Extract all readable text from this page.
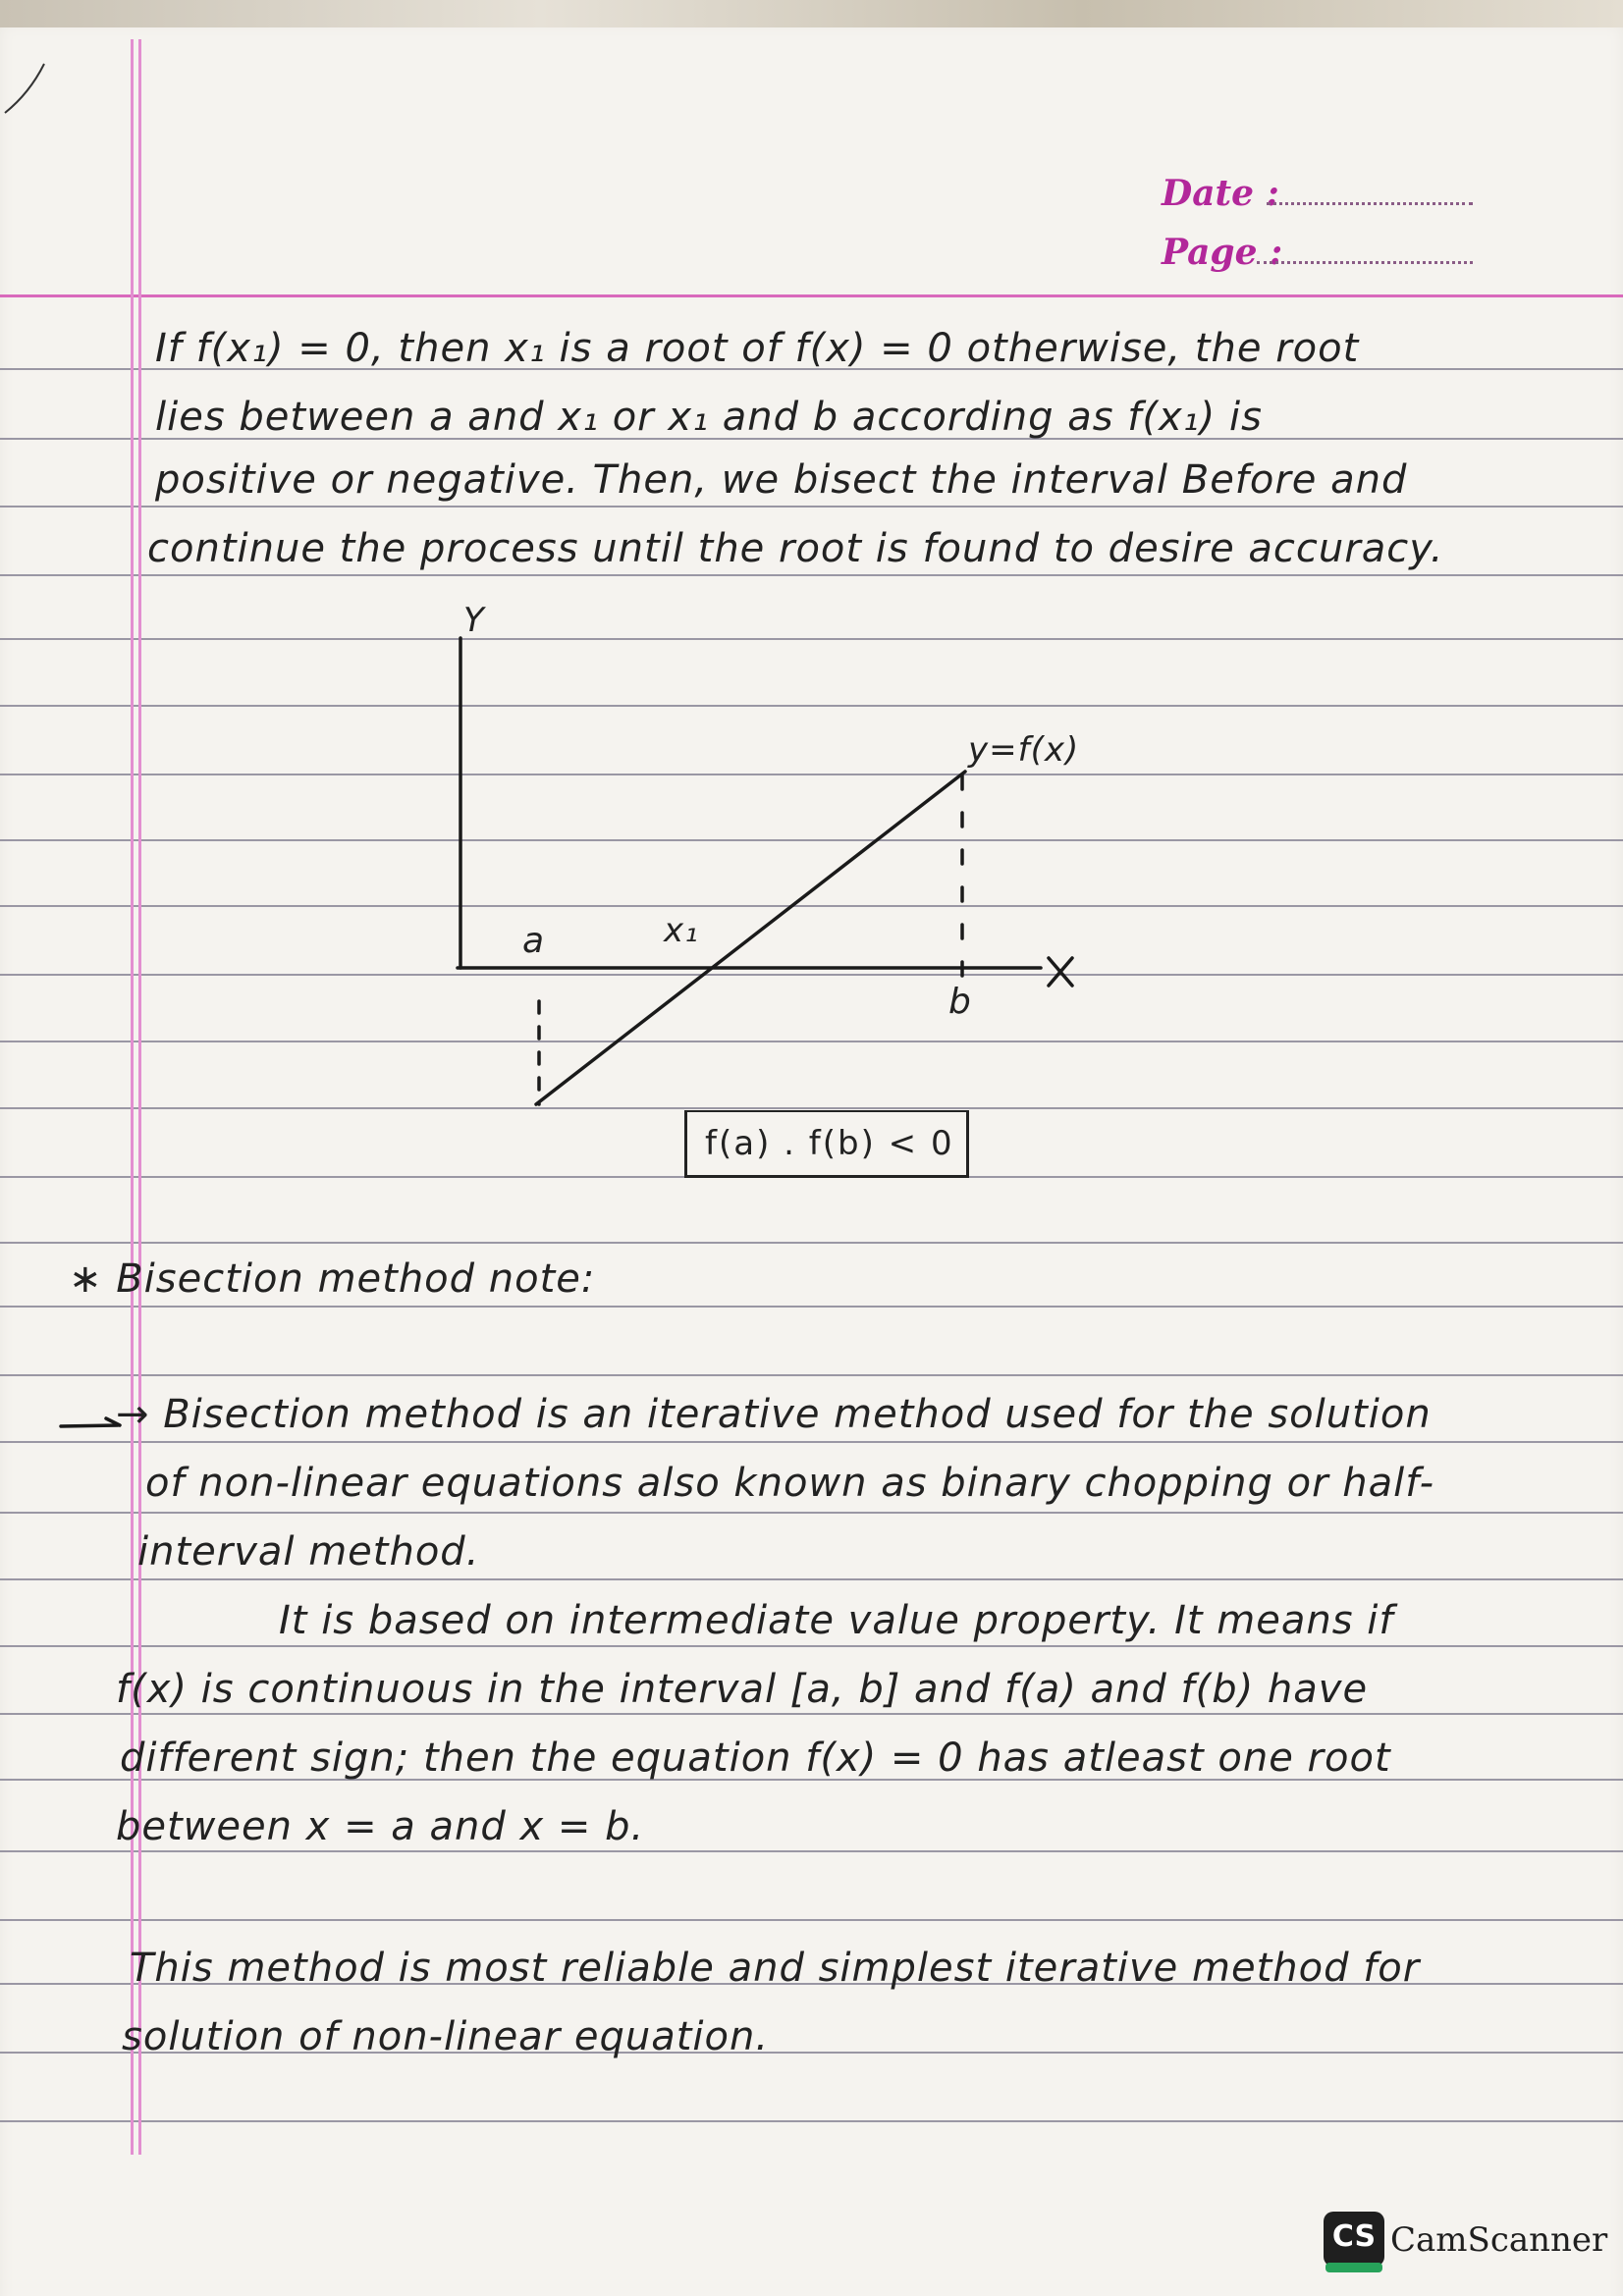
Date :
Page :
If f(x₁) = 0, then x₁ is a root of f(x) = 0 otherwise, the root
lies between a and x₁ or x₁ and b according as f(x₁) is
positive or negative. Then, we bisect the interval Before and
continue the process until the root is found to desire accuracy.
Y
y=f(x)
a
b
x₁
f(a) . f(b) < 0
∗ Bisection method note:
→ Bisection method is an iterative method used for the solution
of non-linear equations also known as binary chopping or half-
interval method.
It is based on intermediate value property. It means if
f(x) is continuous in the interval [a, b] and f(a) and f(b) have
different sign; then the equation f(x) = 0 has atleast one root
between x = a and x = b.
This method is most reliable and simplest iterative method for
solution of non-linear equation.
CS CamScanner
